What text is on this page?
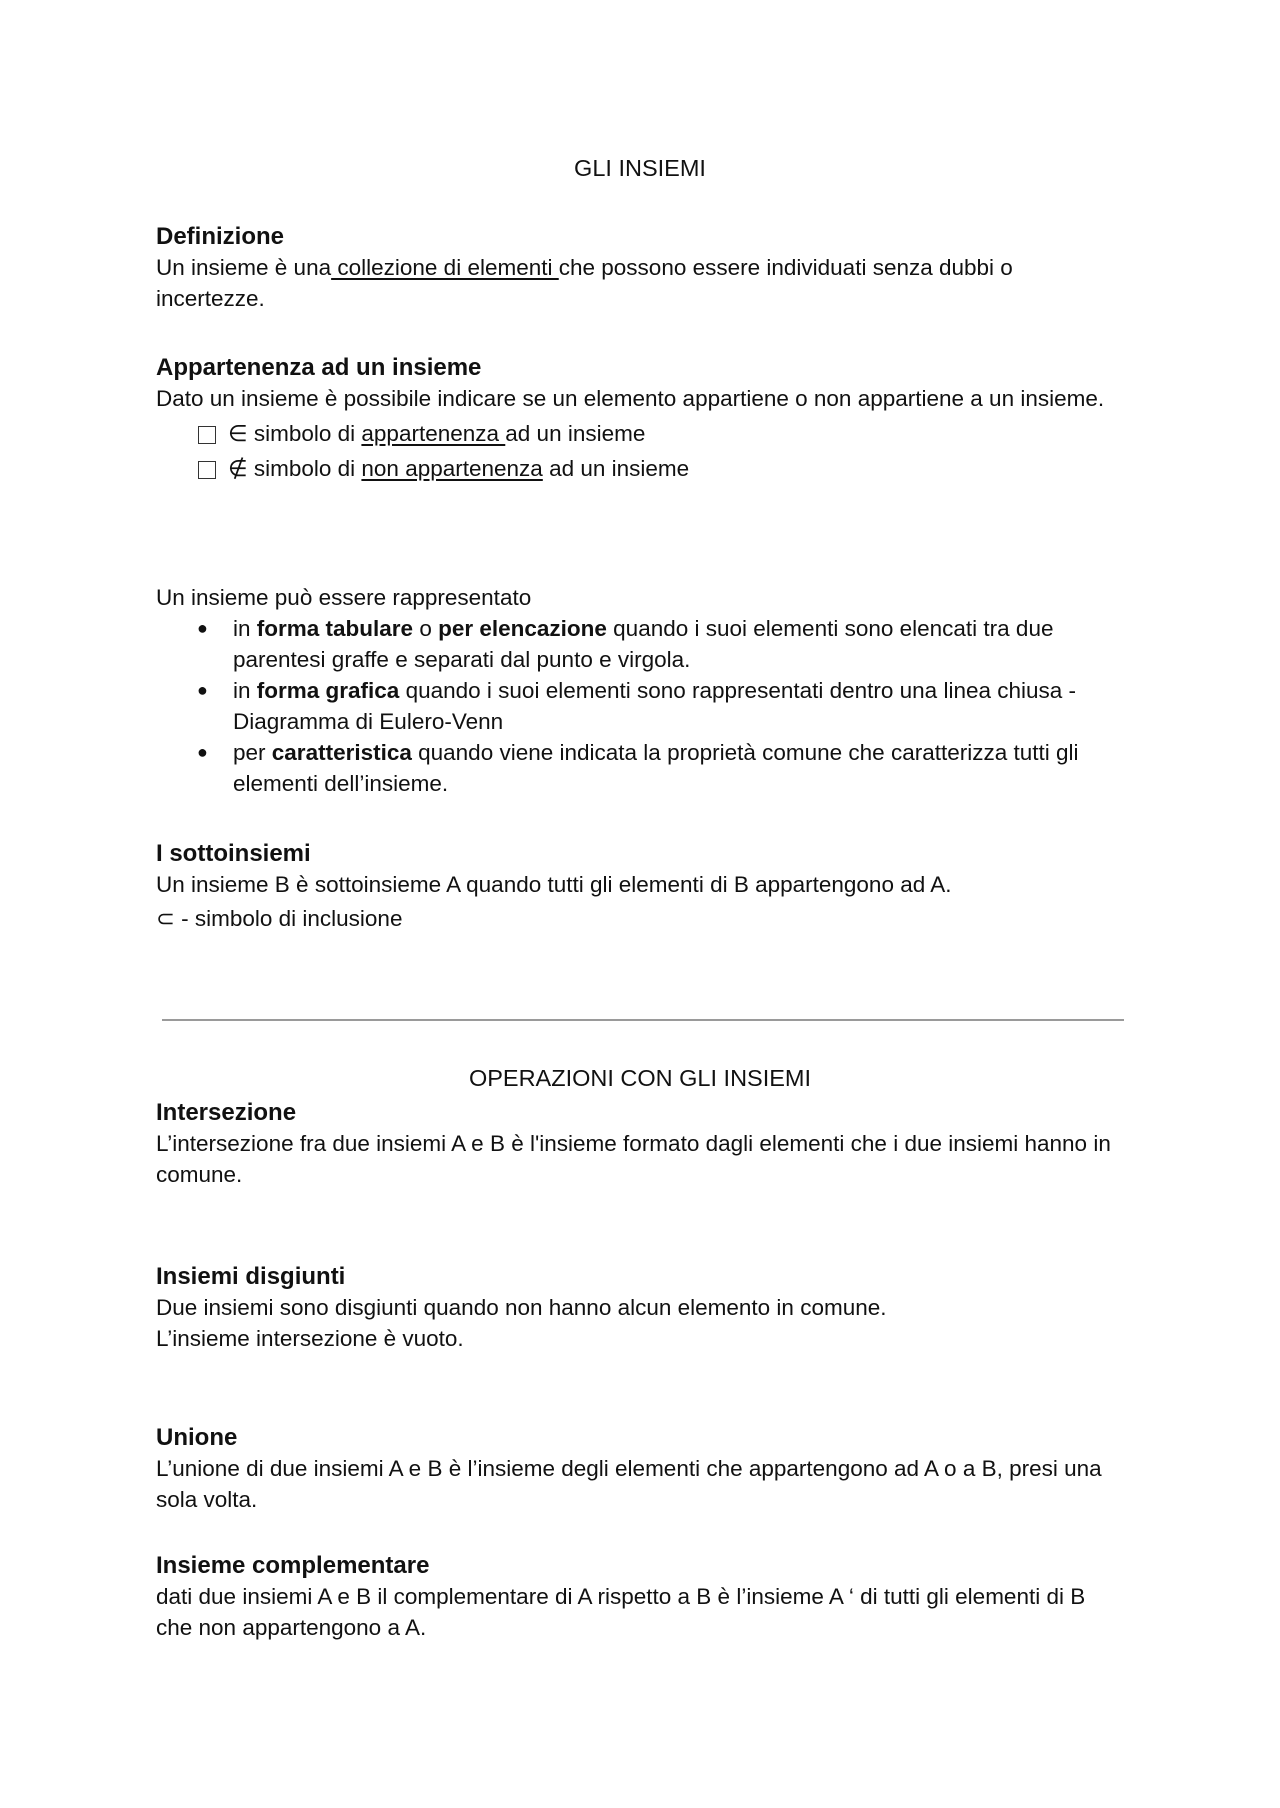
GLI INSIEMI

Definizione

Un insieme è una collezione di elementi che possono essere individuati senza dubbi o incertezze.

Appartenenza ad un insieme

Dato un insieme è possibile indicare se un elemento appartiene o non appartiene a un insieme.

∈ simbolo di appartenenza ad un insieme
∉ simbolo di non appartenenza ad un insieme

Un insieme può essere rappresentato

● in forma tabulare o per elencazione quando i suoi elementi sono elencati tra due parentesi graffe e separati dal punto e virgola.
● in forma grafica quando i suoi elementi sono rappresentati dentro una linea chiusa - Diagramma di Eulero-Venn
● per caratteristica quando viene indicata la proprietà comune che caratterizza tutti gli elementi dell’insieme.

I sottoinsiemi

Un insieme B è sottoinsieme A quando tutti gli elementi di B appartengono ad A.

⊂ - simbolo di inclusione

OPERAZIONI CON GLI INSIEMI

Intersezione

L’intersezione fra due insiemi A e B è l'insieme formato dagli elementi che i due insiemi hanno in comune.

Insiemi disgiunti

Due insiemi sono disgiunti quando non hanno alcun elemento in comune.

L’insieme intersezione è vuoto.

Unione

L’unione di due insiemi A e B è l’insieme degli elementi che appartengono ad A o a B, presi una sola volta.

Insieme complementare

dati due insiemi A e B il complementare di A rispetto a B è l’insieme A ‘ di tutti gli elementi di B che non appartengono a A.
